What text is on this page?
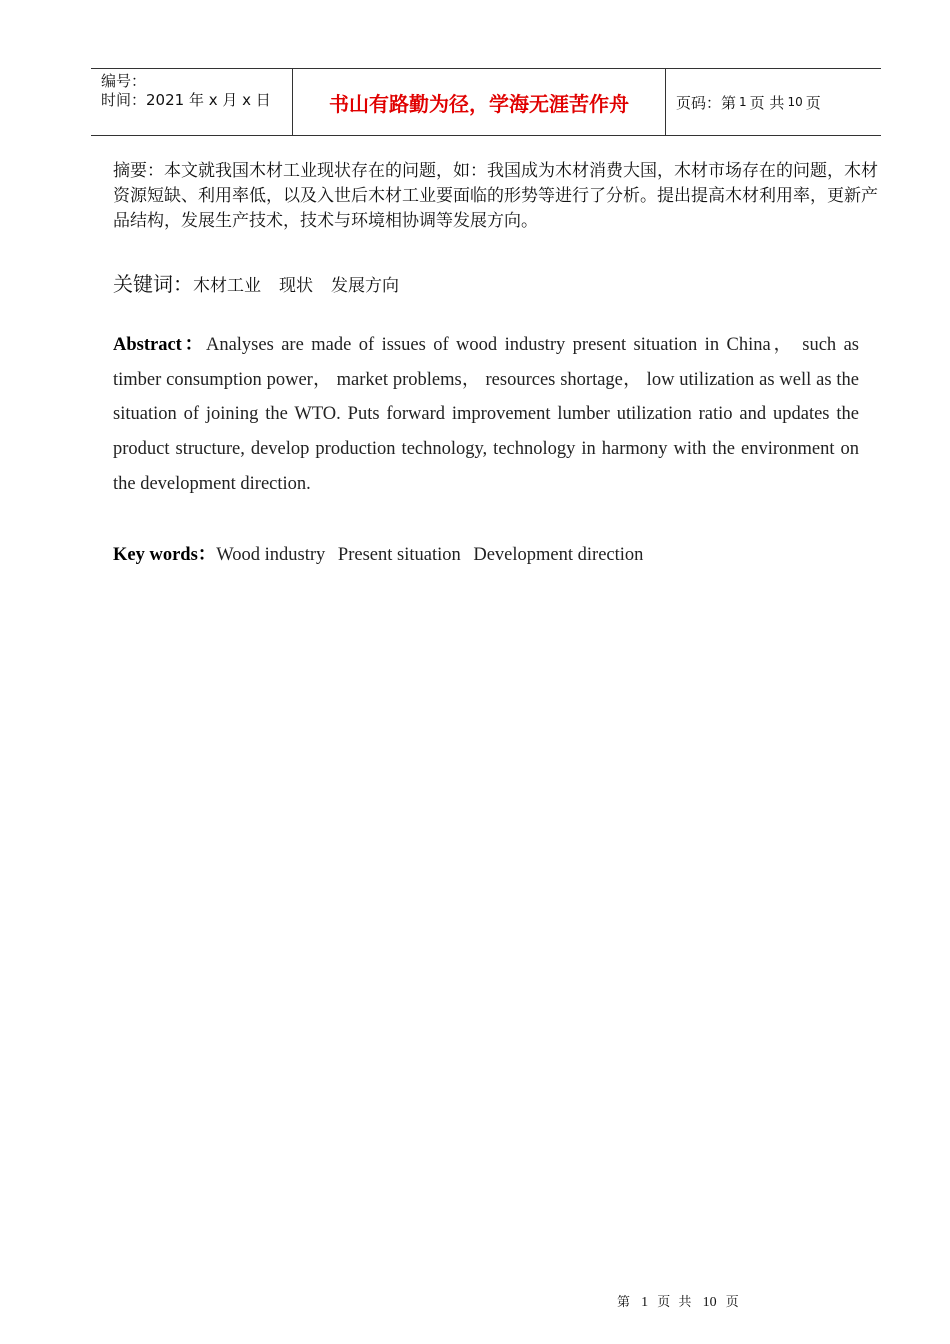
编号：
时间：2021 年 x 月 x 日	书山有路勤为径，学海无涯苦作舟	页码：第 1 页 共 10 页
摘要：本文就我国木材工业现状存在的问题，如：我国成为木材消费大国，木材市场存在的问题，木材资源短缺、利用率低，以及入世后木材工业要面临的形势等进行了分析。提出提高木材利用率，更新产品结构，发展生产技术，技术与环境相协调等发展方向。
关键词：木材工业 现状 发展方向
Abstract：Analyses are made of issues of wood industry present situation in China， such as timber consumption power， market problems， resources shortage， low utilization as well as the situation of joining the WTO. Puts forward improvement lumber utilization ratio and updates the product structure, develop production technology, technology in harmony with the environment on the development direction.
Key words：Wood industry Present situation Development direction
第 1 页 共 10 页
